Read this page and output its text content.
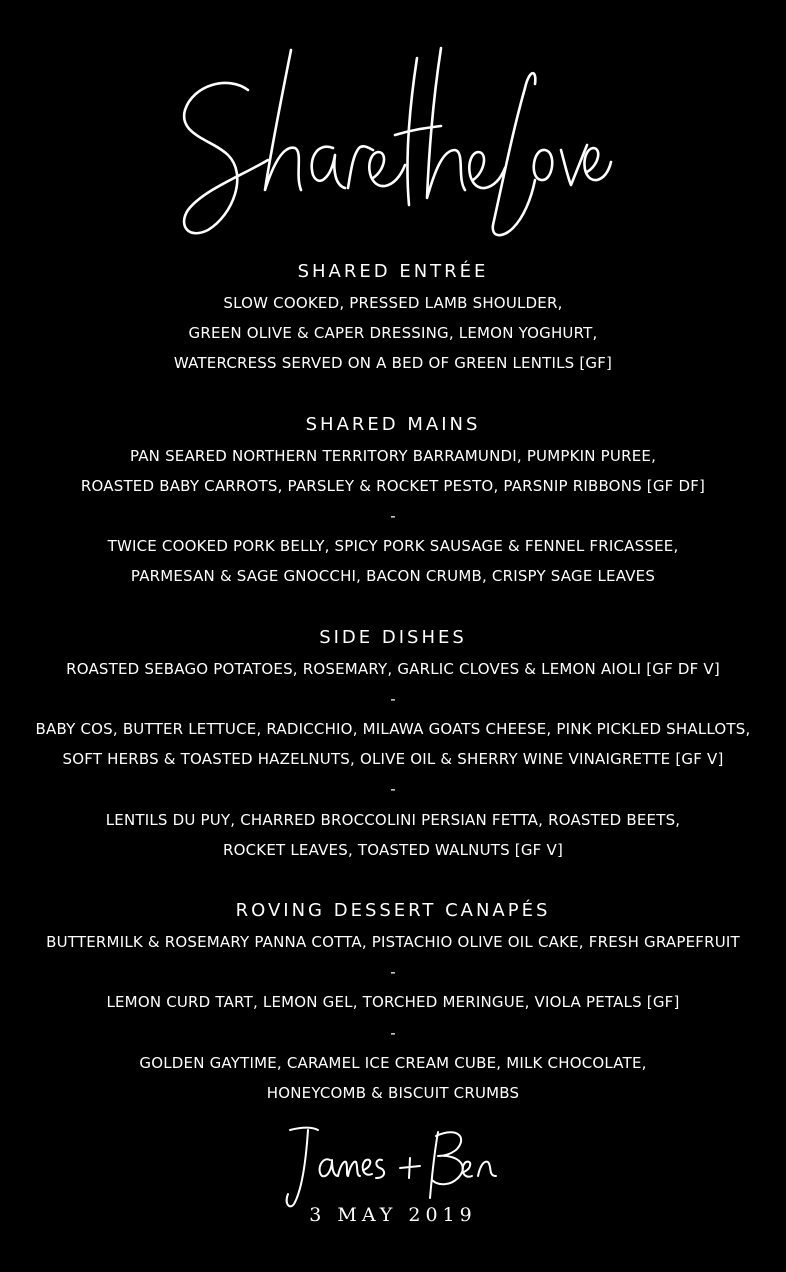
SHARED ENTRÉE

SLOW COOKED, PRESSED LAMB SHOULDER,

GREEN OLIVE & CAPER DRESSING, LEMON YOGHURT,

WATERCRESS SERVED ON A BED OF GREEN LENTILS [GF]

SHARED MAINS

PAN SEARED NORTHERN TERRITORY BARRAMUNDI, PUMPKIN PUREE,

ROASTED BABY CARROTS, PARSLEY & ROCKET PESTO, PARSNIP RIBBONS [GF DF]

-

TWICE COOKED PORK BELLY, SPICY PORK SAUSAGE & FENNEL FRICASSEE,

PARMESAN & SAGE GNOCCHI, BACON CRUMB, CRISPY SAGE LEAVES

SIDE DISHES

ROASTED SEBAGO POTATOES, ROSEMARY, GARLIC CLOVES & LEMON AIOLI [GF DF V]

-

BABY COS, BUTTER LETTUCE, RADICCHIO, MILAWA GOATS CHEESE, PINK PICKLED SHALLOTS,

SOFT HERBS & TOASTED HAZELNUTS, OLIVE OIL & SHERRY WINE VINAIGRETTE [GF V]

-

LENTILS DU PUY, CHARRED BROCCOLINI PERSIAN FETTA, ROASTED BEETS,

ROCKET LEAVES, TOASTED WALNUTS [GF V]

ROVING DESSERT CANAPÉS

BUTTERMILK & ROSEMARY PANNA COTTA, PISTACHIO OLIVE OIL CAKE, FRESH GRAPEFRUIT

-

LEMON CURD TART, LEMON GEL, TORCHED MERINGUE, VIOLA PETALS [GF]

-

GOLDEN GAYTIME, CARAMEL ICE CREAM CUBE, MILK CHOCOLATE,

HONEYCOMB & BISCUIT CRUMBS

3 MAY 2019
